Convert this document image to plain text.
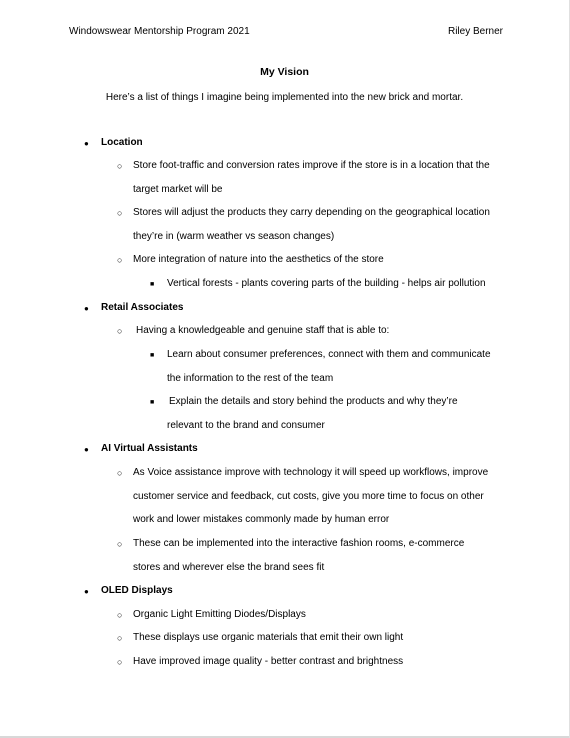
Windowswear Mentorship Program 2021	Riley Berner
My Vision
Here’s a list of things I imagine being implemented into the new brick and mortar.
● Location
○ Store foot-traffic and conversion rates improve if the store is in a location that the
target market will be
○ Stores will adjust the products they carry depending on the geographical location
they’re in (warm weather vs season changes)
○ More integration of nature into the aesthetics of the store
■ Vertical forests - plants covering parts of the building - helps air pollution
● Retail Associates
○ Having a knowledgeable and genuine staff that is able to:
■ Learn about consumer preferences, connect with them and communicate
the information to the rest of the team
■ Explain the details and story behind the products and why they’re
relevant to the brand and consumer
● AI Virtual Assistants
○ As Voice assistance improve with technology it will speed up workflows, improve
customer service and feedback, cut costs, give you more time to focus on other
work and lower mistakes commonly made by human error
○ These can be implemented into the interactive fashion rooms, e-commerce
stores and wherever else the brand sees fit
● OLED Displays
○ Organic Light Emitting Diodes/Displays
○ These displays use organic materials that emit their own light
○ Have improved image quality - better contrast and brightness
